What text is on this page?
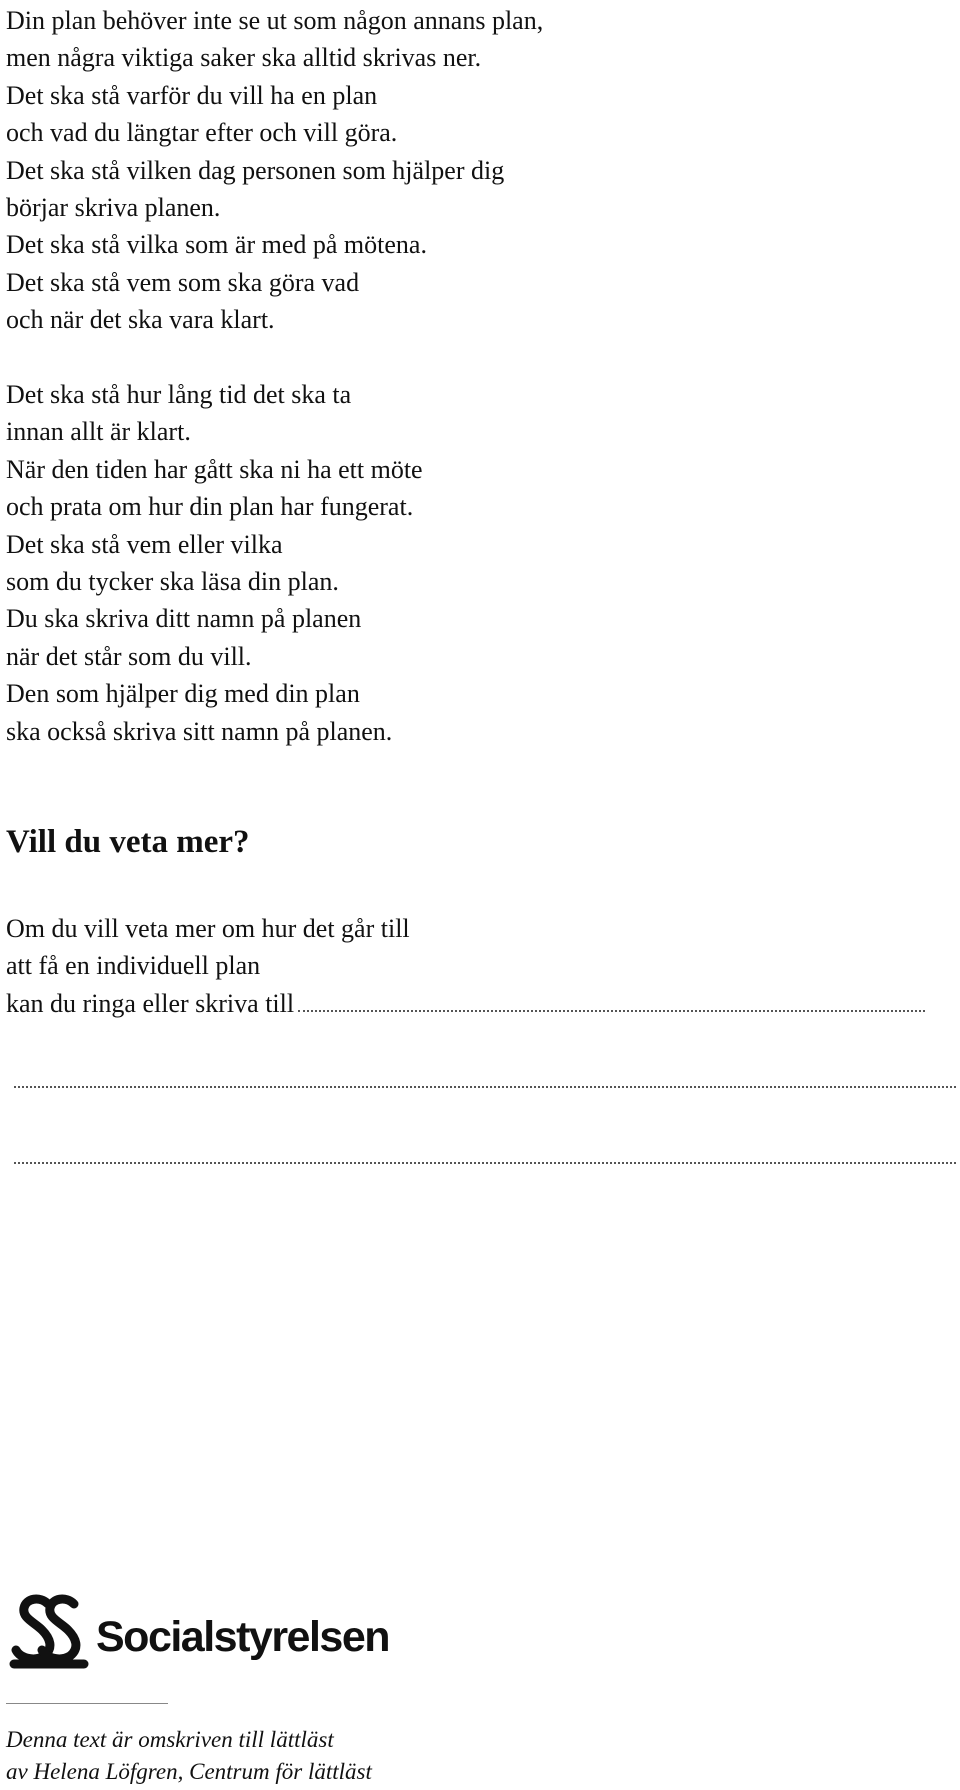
Din plan behöver inte se ut som någon annans plan,
men några viktiga saker ska alltid skrivas ner.
Det ska stå varför du vill ha en plan
och vad du längtar efter och vill göra.
Det ska stå vilken dag personen som hjälper dig
börjar skriva planen.
Det ska stå vilka som är med på mötena.
Det ska stå vem som ska göra vad
och när det ska vara klart.
Det ska stå hur lång tid det ska ta
innan allt är klart.
När den tiden har gått ska ni ha ett möte
och prata om hur din plan har fungerat.
Det ska stå vem eller vilka
som du tycker ska läsa din plan.
Du ska skriva ditt namn på planen
när det står som du vill.
Den som hjälper dig med din plan
ska också skriva sitt namn på planen.
Vill du veta mer?
Om du vill veta mer om hur det går till
att få en individuell plan
kan du ringa eller skriva till
Socialstyrelsen
Denna text är omskriven till lättläst
av Helena Löfgren, Centrum för lättläst
